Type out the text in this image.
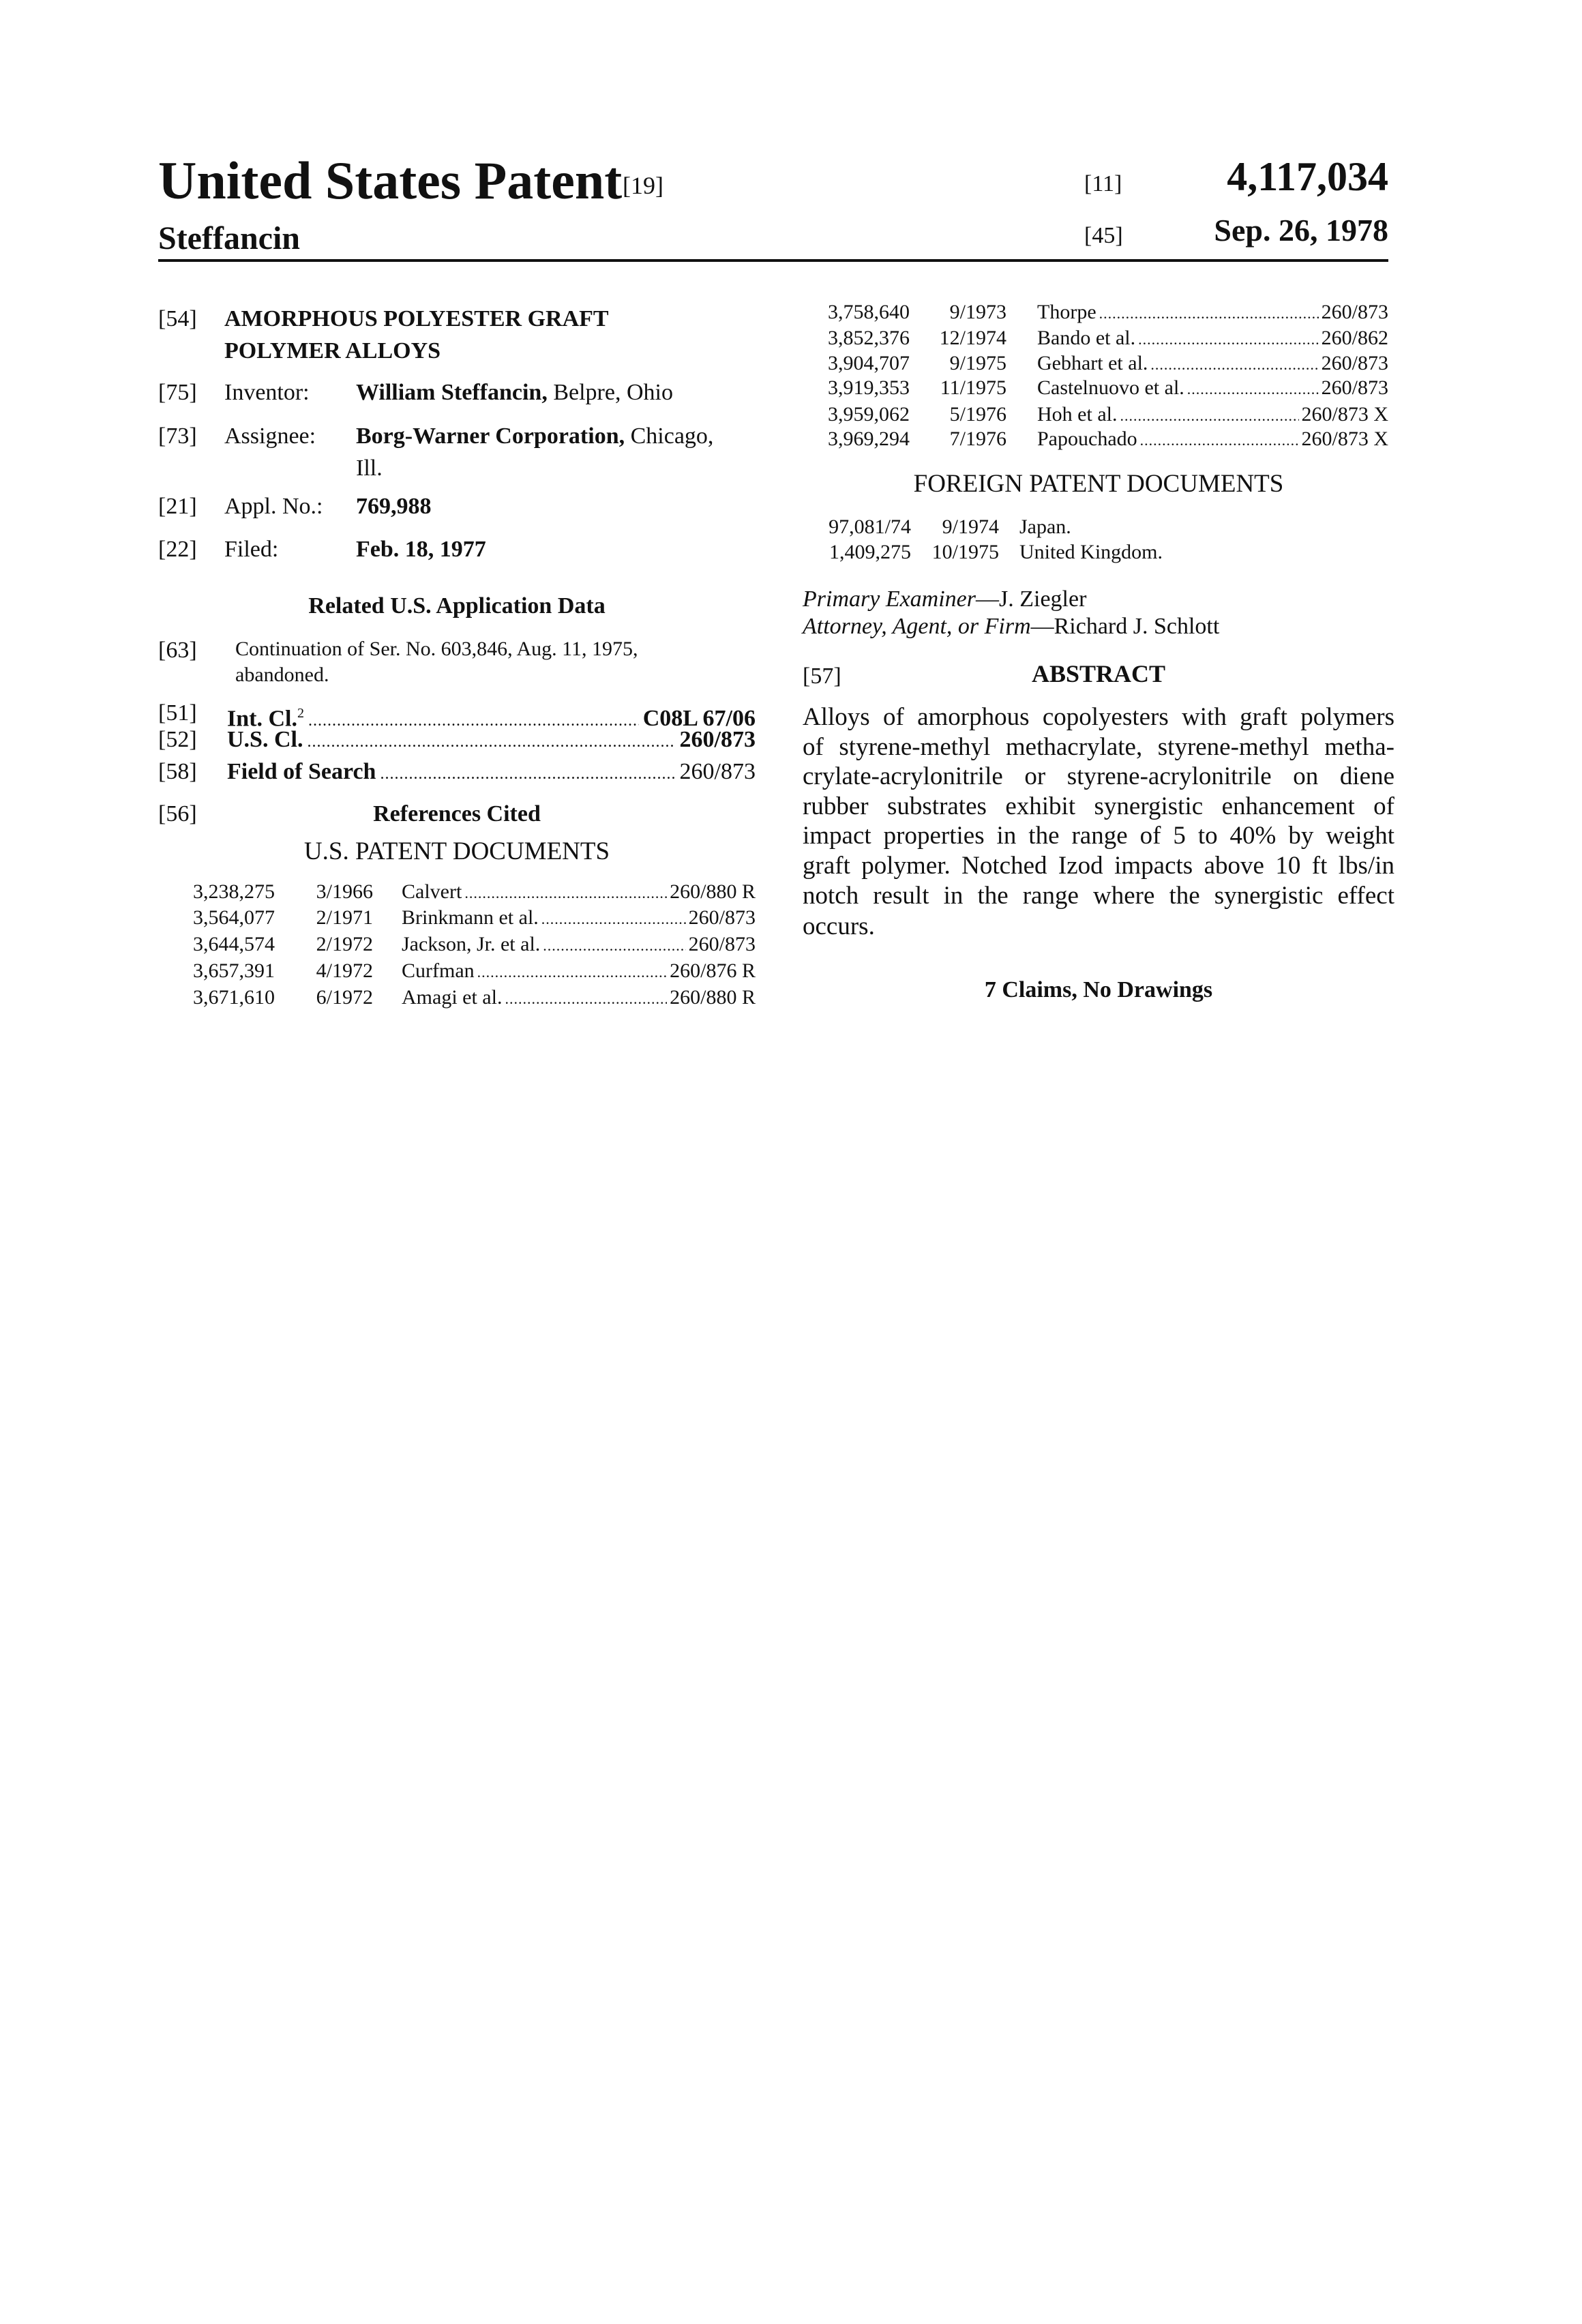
United States Patent [19]	[11]	4,117,034
Steffancin	[45]	Sep. 26, 1978
[54] AMORPHOUS POLYESTER GRAFT
POLYMER ALLOYS
[75] Inventor: William Steffancin, Belpre, Ohio
[73] Assignee: Borg-Warner Corporation, Chicago,
Ill.
[21] Appl. No.: 769,988
[22] Filed:	Feb. 18, 1977
Related U.S. Application Data
[63] Continuation of Ser. No. 603,846, Aug. 11, 1975,
abandoned.
[51] Int. Cl.2
.....	C08L 67/06
[52] U.S. Cl.
.....	260/873
[58] Field of Search
.....	260/873
[56]	References Cited
U.S. PATENT DOCUMENTS
3,238,275	3/1966 Calvert
.....	260/880 R
3,564,077	2/1971 Brinkmann et al.
.....	260/873
3,644,574	2/1972 Jackson, Jr. et al.
.....	260/873
3,657,391	4/1972 Curfman
.....	260/876 R
3,671,610	6/1972 Amagi et al.
.....	260/880 R
3,758,640	9/1973 Thorpe
.....	260/873
3,852,376	12/1974 Bando et al.
.....	260/862
3,904,707	9/1975 Gebhart et al.
.....	260/873
3,919,353	11/1975 Castelnuovo et al.
.....	260/873
3,959,062	5/1976 Hoh et al.
.....	260/873 X
3,969,294	7/1976 Papouchado
.....	260/873 X
FOREIGN PATENT DOCUMENTS
97,081/74	9/1974 Japan.
1,409,275	10/1975 United Kingdom.
Primary Examiner—J. Ziegler
Attorney, Agent, or Firm—Richard J. Schlott
[57]	ABSTRACT
Alloys of amorphous copolyesters with graft polymers
of styrene-methyl methacrylate, styrene-methyl metha-
crylate-acrylonitrile or styrene-acrylonitrile on diene
rubber substrates exhibit synergistic enhancement of
impact properties in the range of 5 to 40% by weight
graft polymer. Notched Izod impacts above 10 ft lbs/in
notch result in the range where the synergistic effect
occurs.
7 Claims, No Drawings
